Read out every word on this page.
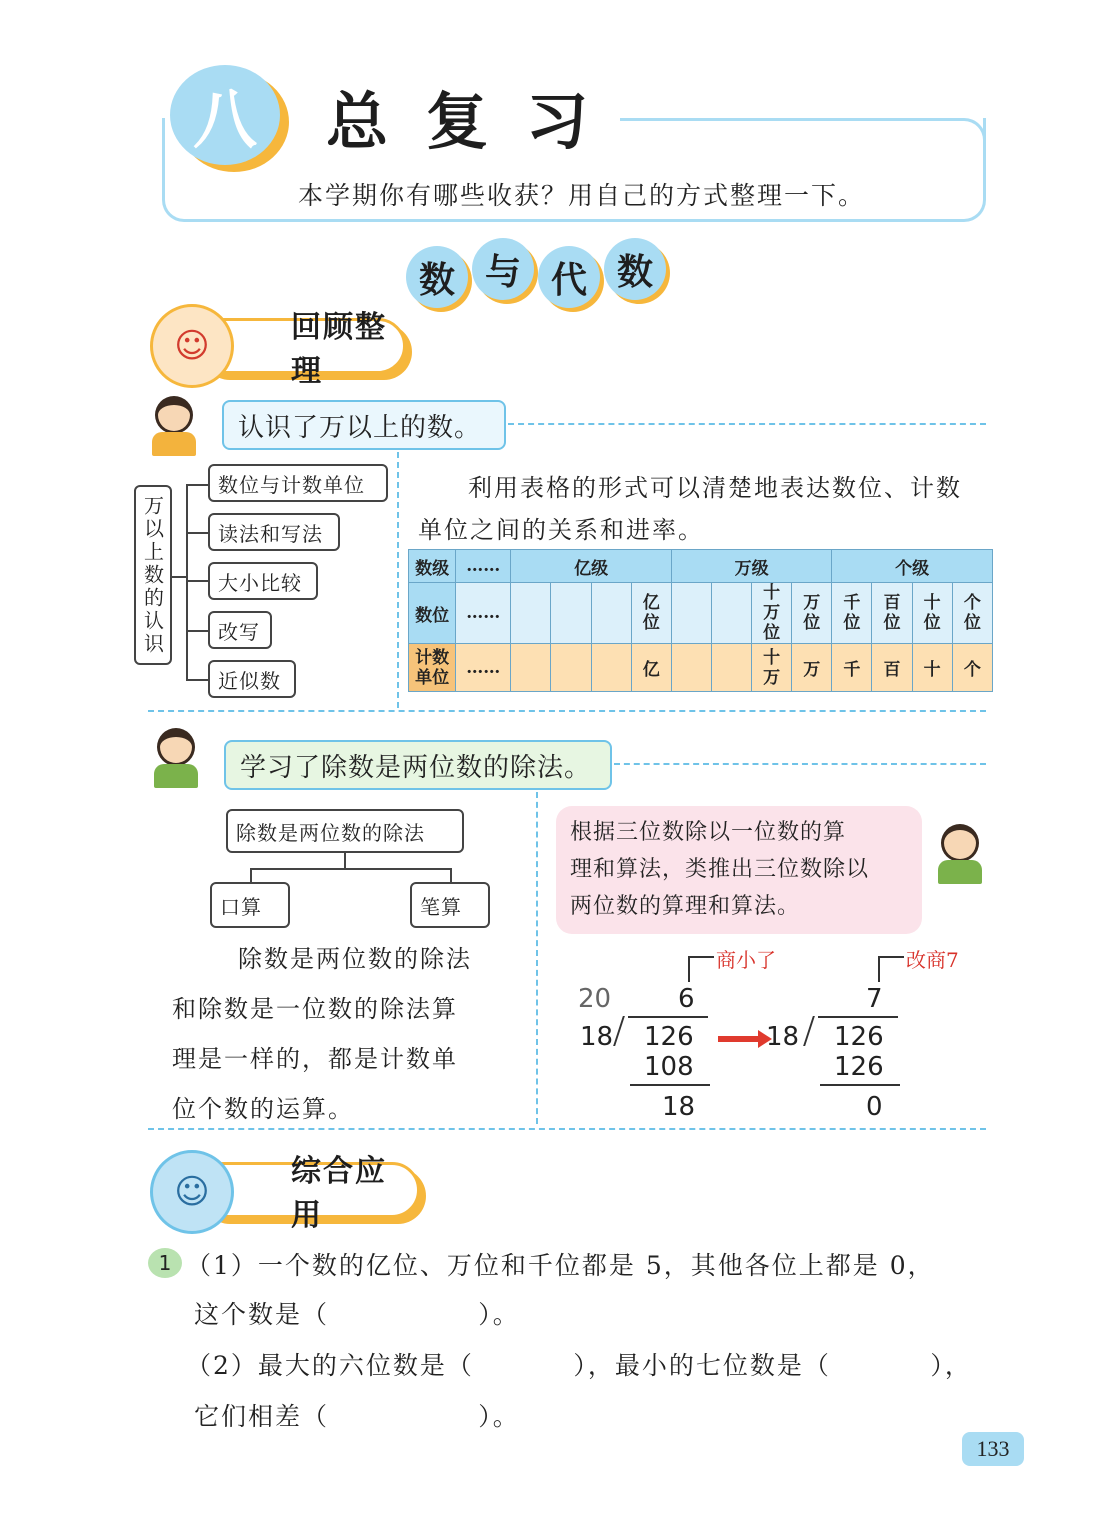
八	总复习
本学期你有哪些收获？用自己的方式整理一下。
数 与 代 数
回顾整理
☺
认识了万以上的数。
万以上数的认识
数位与计数单位
读法和写法
大小比较
改写
近似数
利用表格的形式可以清楚地表达数位、计数
单位之间的关系和进率。
数级	……	亿级				万级				个级			
数位	……				亿位			十万位	万位	千位	百位	十位	个位
计数单位	……				亿			十万	万	千	百	十	个
学习了除数是两位数的除法。
除数是两位数的除法
口算	笔算
除数是两位数的除法
和除数是一位数的除法算
理是一样的，都是计数单
位个数的运算。
根据三位数除以一位数的算
理和算法，类推出三位数除以
两位数的算理和算法。
商小了	改商7
20	6
18 126
108
18
7
18 126
126
0
综合应用
☺
1 （1）一个数的亿位、万位和千位都是 5，其他各位上都是 0，
这个数是（               ）。
（2）最大的六位数是（          ），最小的七位数是（          ），
它们相差（               ）。
133
